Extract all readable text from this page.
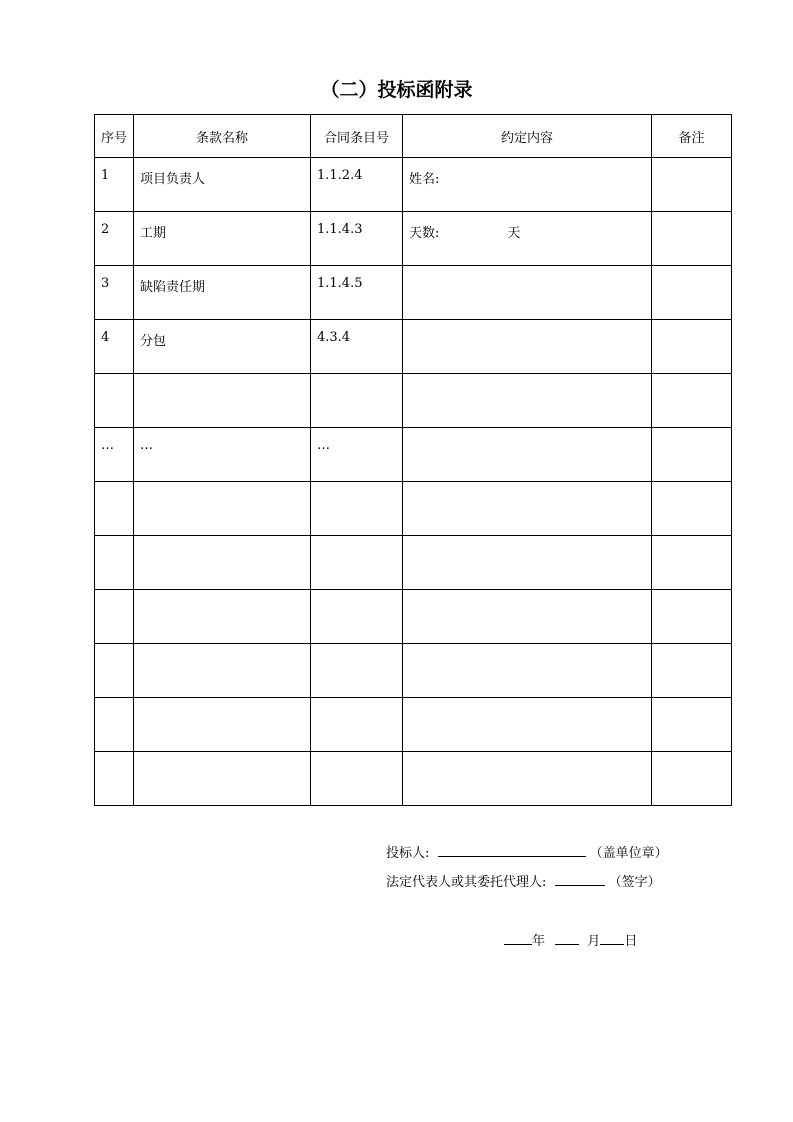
（二）投标函附录
序号	条款名称	合同条目号	约定内容	备注
1	项目负责人	1.1.2.4	姓名:	
2	工期	1.1.4.3	天数: 天	
3	缺陷责任期	1.1.4.5		
4	分包	4.3.4		

…	…	…		

投标人:	（盖单位章）
法定代表人或其委托代理人:	（签字）
年	月 日
